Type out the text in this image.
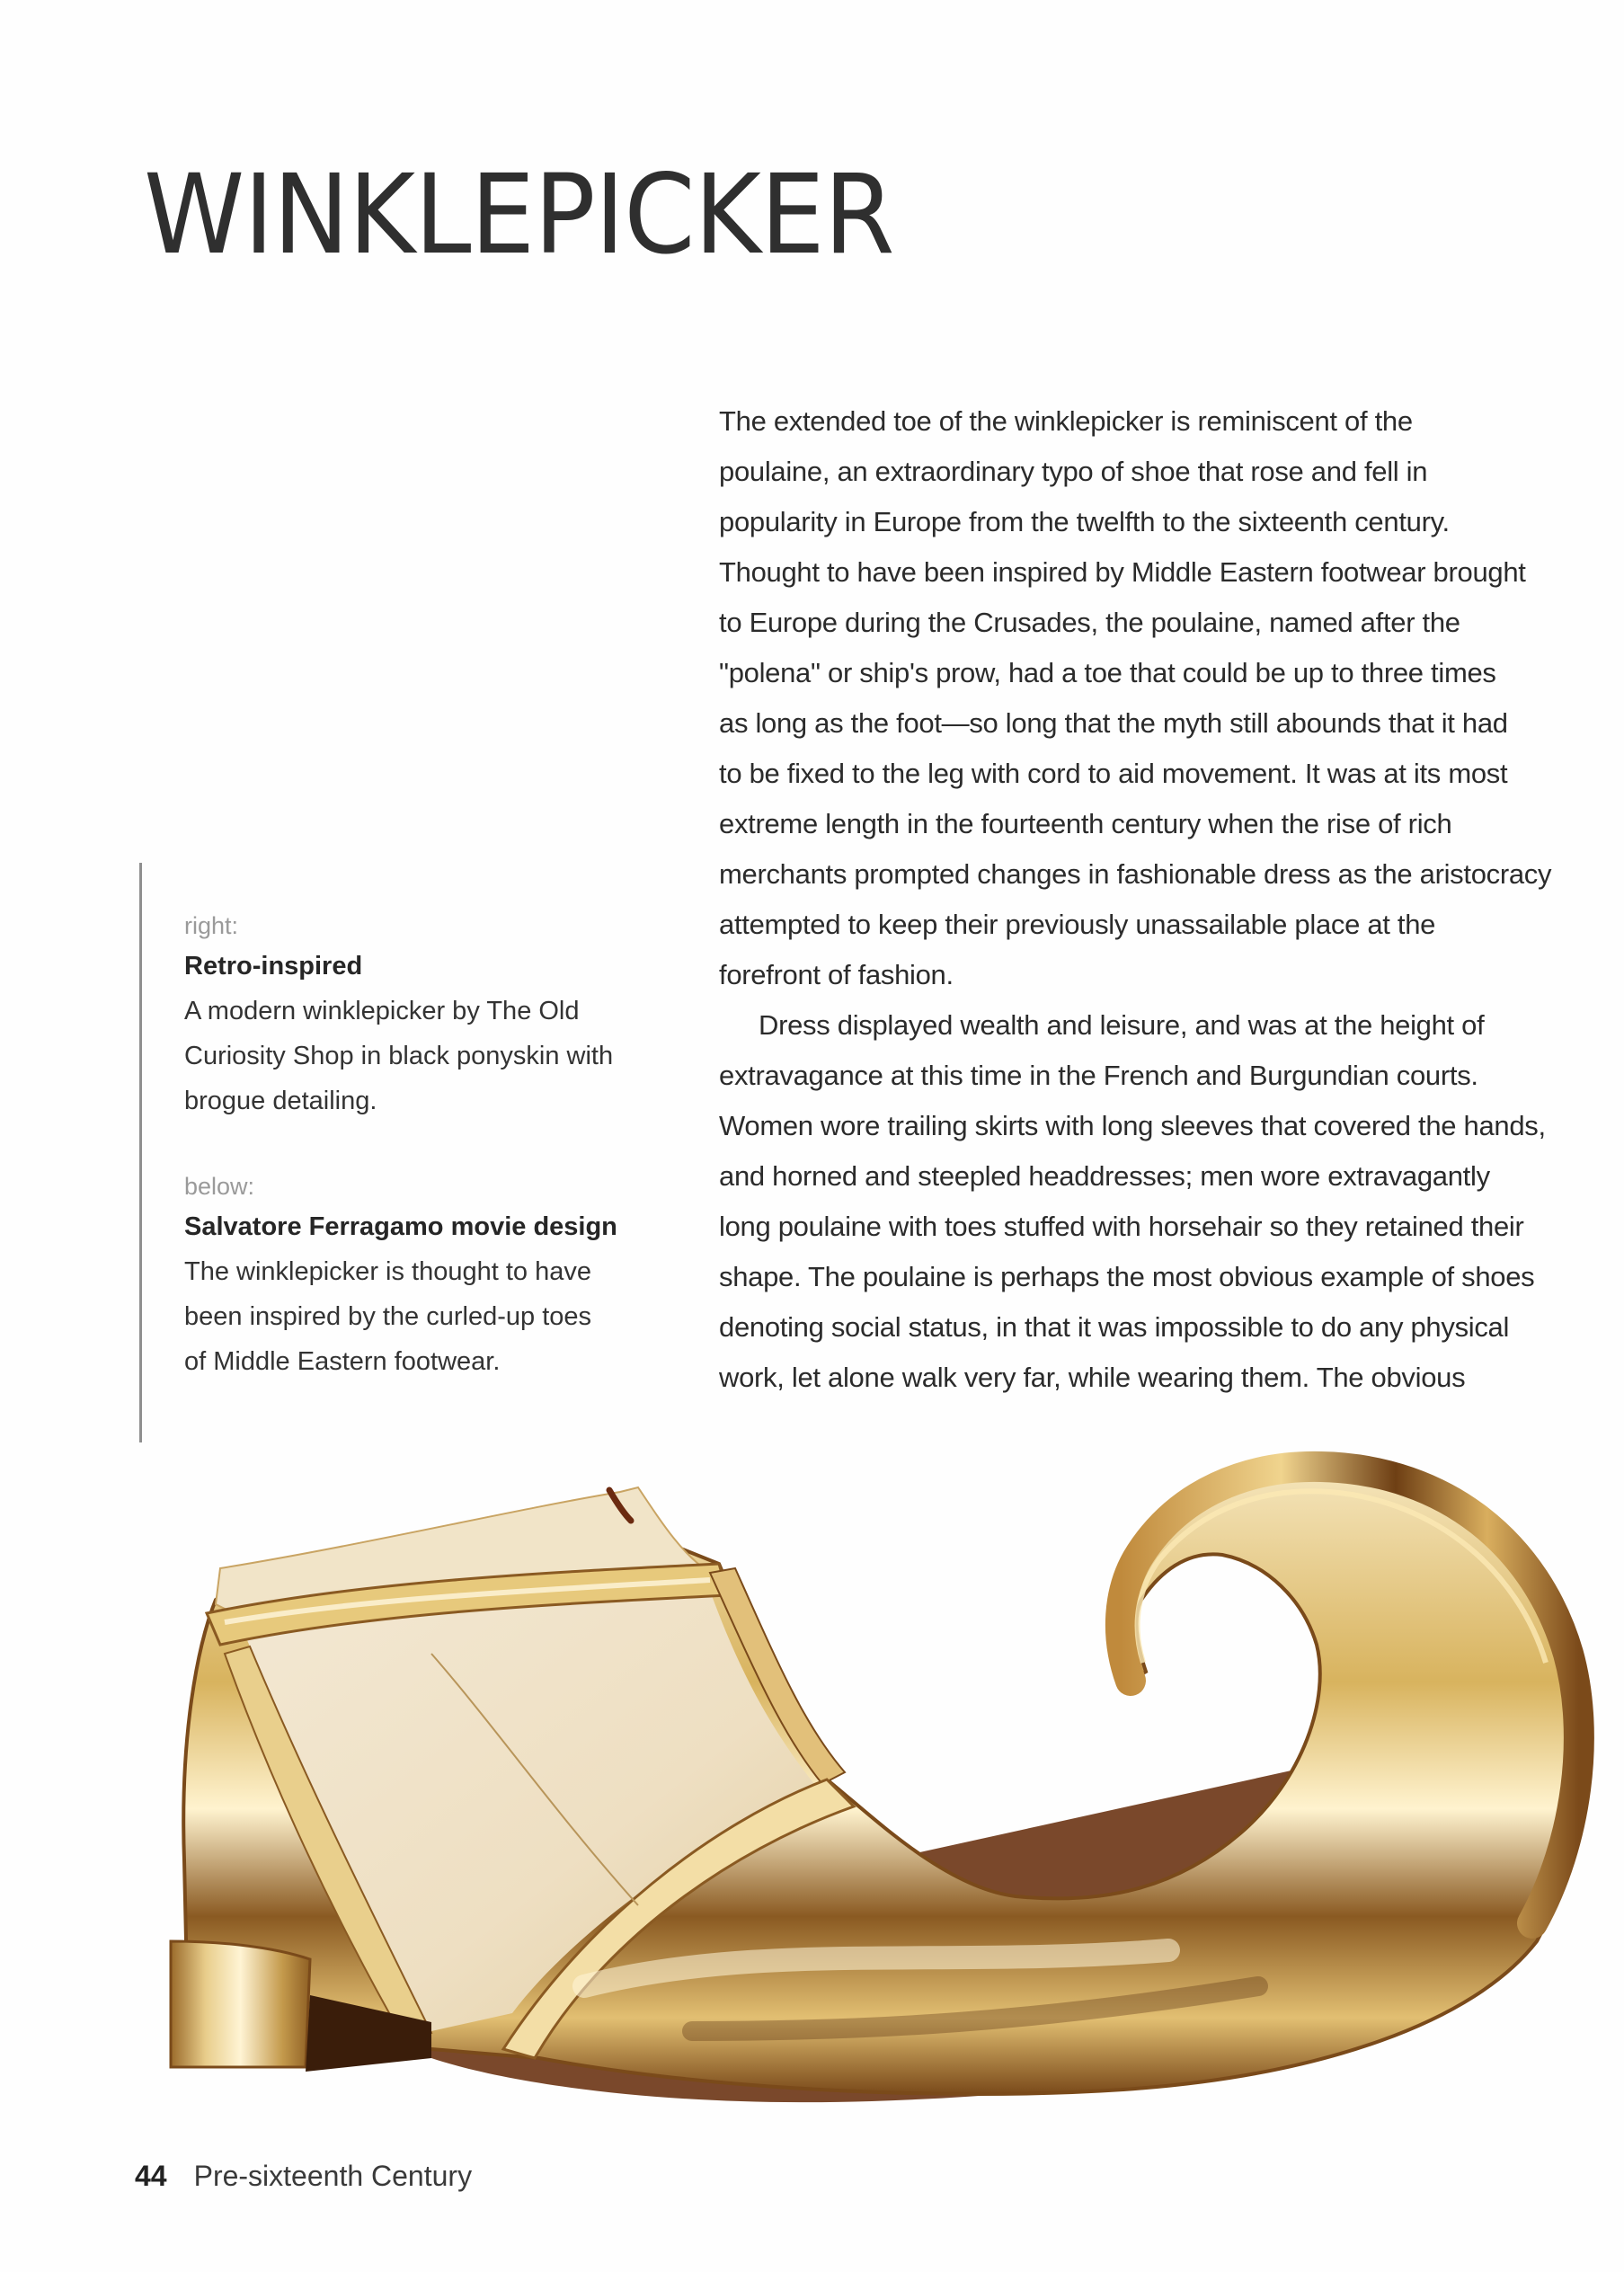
WINKLEPICKER
right:
Retro-inspired
A modern winklepicker by The Old
Curiosity Shop in black ponyskin with
brogue detailing.
below:
Salvatore Ferragamo movie design
The winklepicker is thought to have
been inspired by the curled-up toes
of Middle Eastern footwear.
The extended toe of the winklepicker is reminiscent of the
poulaine, an extraordinary typo of shoe that rose and fell in
popularity in Europe from the twelfth to the sixteenth century.
Thought to have been inspired by Middle Eastern footwear brought
to Europe during the Crusades, the poulaine, named after the
"polena" or ship's prow, had a toe that could be up to three times
as long as the foot—so long that the myth still abounds that it had
to be fixed to the leg with cord to aid movement. It was at its most
extreme length in the fourteenth century when the rise of rich
merchants prompted changes in fashionable dress as the aristocracy
attempted to keep their previously unassailable place at the
forefront of fashion.
Dress displayed wealth and leisure, and was at the height of
extravagance at this time in the French and Burgundian courts.
Women wore trailing skirts with long sleeves that covered the hands,
and horned and steepled headdresses; men wore extravagantly
long poulaine with toes stuffed with horsehair so they retained their
shape. The poulaine is perhaps the most obvious example of shoes
denoting social status, in that it was impossible to do any physical
work, let alone walk very far, while wearing them. The obvious
44 Pre-sixteenth Century
